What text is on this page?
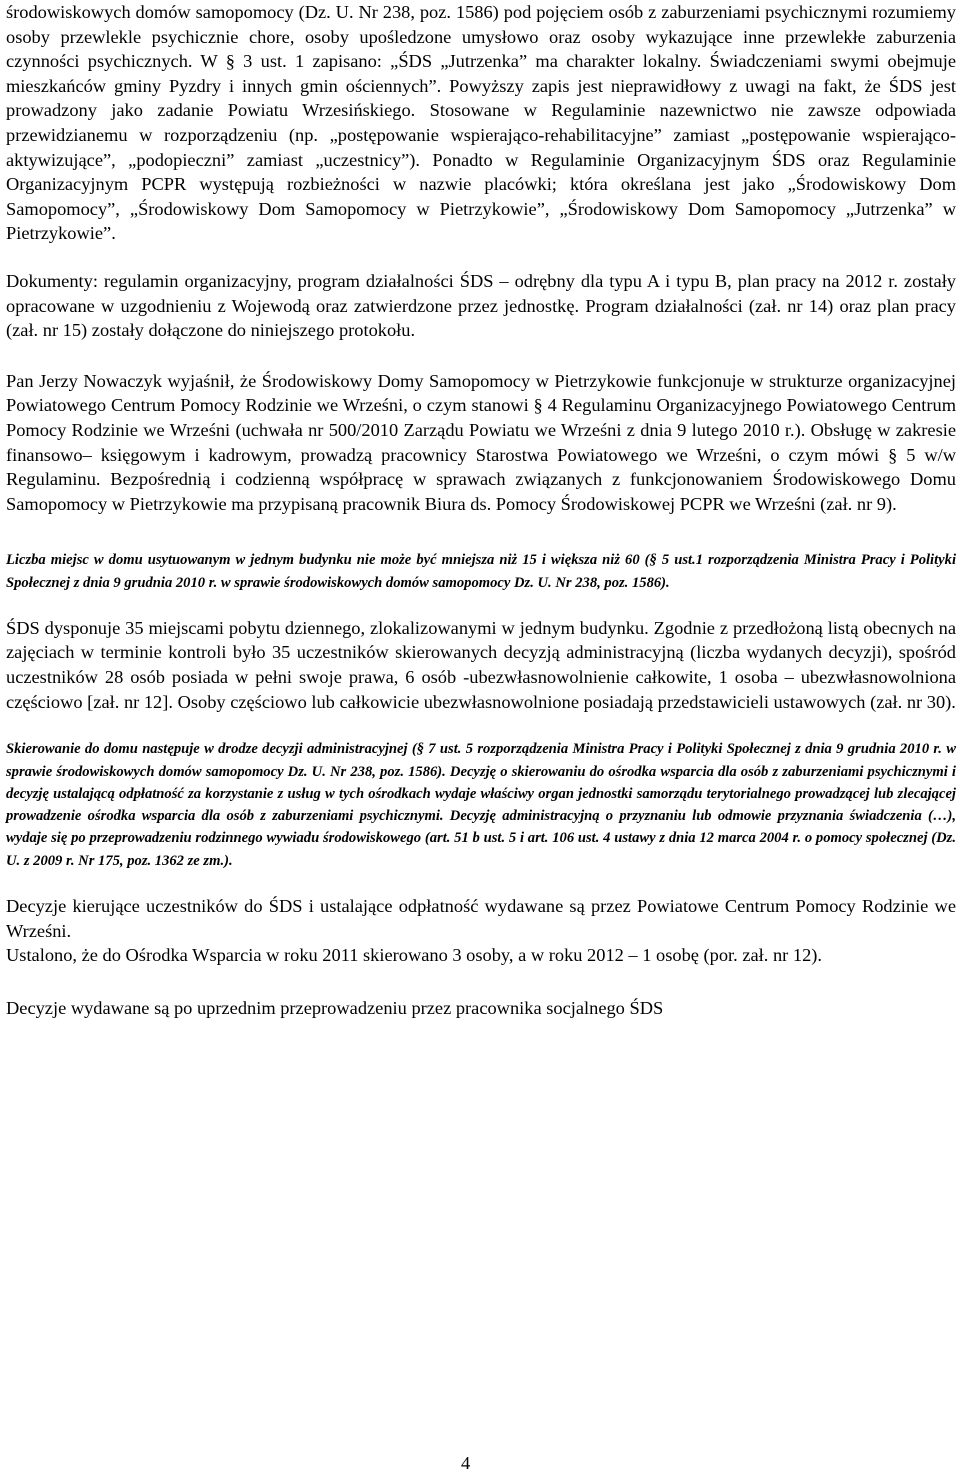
środowiskowych domów samopomocy (Dz. U. Nr 238, poz. 1586) pod pojęciem osób z zaburzeniami psychicznymi rozumiemy osoby przewlekle psychicznie chore, osoby upośledzone umysłowo oraz osoby wykazujące inne przewlekłe zaburzenia czynności psychicznych. W § 3 ust. 1 zapisano: „ŚDS „Jutrzenka” ma charakter lokalny. Świadczeniami swymi obejmuje mieszkańców gminy Pyzdry i innych gmin ościennych”. Powyższy zapis jest nieprawidłowy z uwagi na fakt, że ŚDS jest prowadzony jako zadanie Powiatu Wrzesińskiego. Stosowane w Regulaminie nazewnictwo nie zawsze odpowiada przewidzianemu w rozporządzeniu (np. „postępowanie wspierająco-rehabilitacyjne” zamiast „postępowanie wspierająco-aktywizujące”, „podopieczni” zamiast „uczestnicy”). Ponadto w Regulaminie Organizacyjnym ŚDS oraz Regulaminie Organizacyjnym PCPR występują rozbieżności w nazwie placówki; która określana jest jako „Środowiskowy Dom Samopomocy”, „Środowiskowy Dom Samopomocy w Pietrzykowie”, „Środowiskowy Dom Samopomocy „Jutrzenka” w Pietrzykowie”.

Dokumenty: regulamin organizacyjny, program działalności ŚDS – odrębny dla typu A i typu B, plan pracy na 2012 r. zostały opracowane w uzgodnieniu z Wojewodą oraz zatwierdzone przez jednostkę. Program działalności (zał. nr 14) oraz plan pracy (zał. nr 15) zostały dołączone do niniejszego protokołu.

Pan Jerzy Nowaczyk wyjaśnił, że Środowiskowy Domy Samopomocy w Pietrzykowie funkcjonuje w strukturze organizacyjnej Powiatowego Centrum Pomocy Rodzinie we Wrześni, o czym stanowi § 4 Regulaminu Organizacyjnego Powiatowego Centrum Pomocy Rodzinie we Wrześni (uchwała nr 500/2010 Zarządu Powiatu we Wrześni z dnia 9 lutego 2010 r.). Obsługę w zakresie finansowo– księgowym i kadrowym, prowadzą pracownicy Starostwa Powiatowego we Wrześni, o czym mówi § 5 w/w Regulaminu. Bezpośrednią i codzienną współpracę w sprawach związanych z funkcjonowaniem Środowiskowego Domu Samopomocy w Pietrzykowie ma przypisaną pracownik Biura ds. Pomocy Środowiskowej PCPR we Wrześni (zał. nr 9).

Liczba miejsc w domu usytuowanym w jednym budynku nie może być mniejsza niż 15 i większa niż 60 (§ 5 ust.1 rozporządzenia Ministra Pracy i Polityki Społecznej z dnia 9 grudnia 2010 r. w sprawie środowiskowych domów samopomocy Dz. U. Nr 238, poz. 1586).

ŚDS dysponuje 35 miejscami pobytu dziennego, zlokalizowanymi w jednym budynku. Zgodnie z przedłożoną listą obecnych na zajęciach w terminie kontroli było 35 uczestników skierowanych decyzją administracyjną (liczba wydanych decyzji), spośród uczestników 28 osób posiada w pełni swoje prawa, 6 osób -ubezwłasnowolnienie całkowite, 1 osoba – ubezwłasnowolniona częściowo [zał. nr 12]. Osoby częściowo lub całkowicie ubezwłasnowolnione posiadają przedstawicieli ustawowych (zał. nr 30).

Skierowanie do domu następuje w drodze decyzji administracyjnej (§ 7 ust. 5 rozporządzenia Ministra Pracy i Polityki Społecznej z dnia 9 grudnia 2010 r. w sprawie środowiskowych domów samopomocy Dz. U. Nr 238, poz. 1586). Decyzję o skierowaniu do ośrodka wsparcia dla osób z zaburzeniami psychicznymi i decyzję ustalającą odpłatność za korzystanie z usług w tych ośrodkach wydaje właściwy organ jednostki samorządu terytorialnego prowadzącej lub zlecającej prowadzenie ośrodka wsparcia dla osób z zaburzeniami psychicznymi. Decyzję administracyjną o przyznaniu lub odmowie przyznania świadczenia (…), wydaje się po przeprowadzeniu rodzinnego wywiadu środowiskowego (art. 51 b ust. 5 i art. 106 ust. 4 ustawy z dnia 12 marca 2004 r. o pomocy społecznej (Dz. U. z 2009 r. Nr 175, poz. 1362 ze zm.).

Decyzje kierujące uczestników do ŚDS i ustalające odpłatność wydawane są przez Powiatowe Centrum Pomocy Rodzinie we Wrześni.

Ustalono, że do Ośrodka Wsparcia w roku 2011 skierowano 3 osoby, a w roku 2012 – 1 osobę (por. zał. nr 12).

Decyzje wydawane są po uprzednim przeprowadzeniu przez pracownika socjalnego ŚDS

4
